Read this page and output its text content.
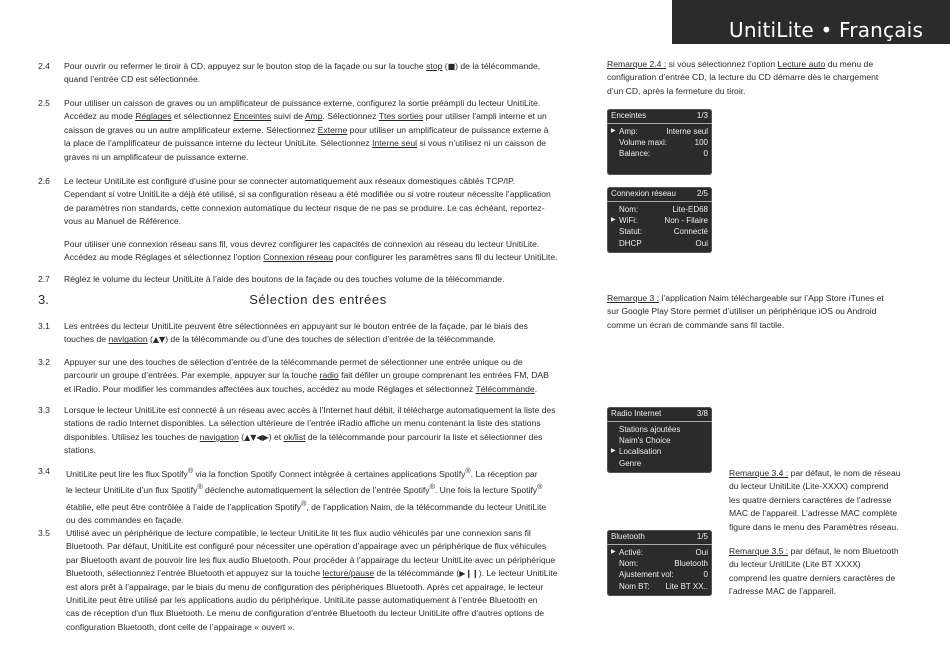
UnitiLite • Français
2.4	Pour ouvrir ou refermer le tiroir à CD, appuyez sur le bouton stop de la façade ou sur la touche stop (■) de la télécommande,

quand l’entrée CD est sélectionnée.

2.5	Pour utiliser un caisson de graves ou un amplificateur de puissance externe, configurez la sortie préampli du lecteur UnitiLite.

Accédez au mode Réglages et sélectionnez Enceintes suivi de Amp. Sélectionnez Ttes sorties pour utiliser l’ampli interne et un

caisson de graves ou un autre amplificateur externe. Sélectionnez Externe pour utiliser un amplificateur de puissance externe à

la place de l’amplificateur de puissance interne du lecteur UnitiLite. Sélectionnez Interne seul si vous n’utilisez ni un caisson de

graves ni un amplificateur de puissance externe.

2.6	Le lecteur UnitiLite est configuré d’usine pour se connecter automatiquement aux réseaux domestiques câblés TCP/IP.

Cependant si votre UnitiLite a déjà été utilisé, si sa configuration réseau a été modifiée ou si votre routeur nécessite l’application

de paramètres non standards, cette connexion automatique du lecteur risque de ne pas se produire. Le cas échéant, reportez-

vous au Manuel de Référence.

Pour utiliser une connexion réseau sans fil, vous devrez configurer les capacités de connexion au réseau du lecteur UnitiLite.

Accédez au mode Réglages et sélectionnez l’option Connexion réseau pour configurer les paramètres sans fil du lecteur UnitiLite.

2.7	Réglez le volume du lecteur UnitiLite à l’aide des boutons de la façade ou des touches volume de la télécommande.

3.	Sélection des entrées
3.1	Les entrées du lecteur UnitiLite peuvent être sélectionnées en appuyant sur le bouton entrée de la façade, par le biais des

touches de navigation (▲▼) de la télécommande ou d’une des touches de sélection d’entrée de la télécommande.

3.2	Appuyer sur une des touches de sélection d’entrée de la télécommande permet de sélectionner une entrée unique ou de

parcourir un groupe d’entrées. Par exemple, appuyer sur la touche radio fait défiler un groupe comprenant les entrées FM, DAB

et iRadio. Pour modifier les commandes affectées aux touches, accédez au mode Réglages et sélectionnez Télécommande.

3.3	Lorsque le lecteur UnitiLite est connecté à un réseau avec accès à l’Internet haut débit, il télécharge automatiquement la liste des

stations de radio Internet disponibles. La sélection ultérieure de l’entrée iRadio affiche un menu contenant la liste des stations

disponibles. Utilisez les touches de navigation (▲▼◀▶) et ok/list de la télécommande pour parcourir la liste et sélectionner des

stations.

3.4	UnitiLite peut lire les flux Spotify® via la fonction Spotify Connect intégrée à certaines applications Spotify®. La réception par

le lecteur UnitiLite d’un flux Spotify® déclenche automatiquement la sélection de l’entrée Spotify®. Une fois la lecture Spotify®

établie, elle peut être contrôlée à l’aide de l’application Spotify®, de l’application Naim, de la télécommande du lecteur UnitiLite

ou des commandes en façade.

3.5	Utilisé avec un périphérique de lecture compatible, le lecteur UnitiLite lit les flux audio véhiculés par une connexion sans fil

Bluetooth. Par défaut, UnitiLite est configuré pour nécessiter une opération d’appairage avec un périphérique de flux véhicules

par Bluetooth avant de pouvoir lire les flux audio Bluetooth. Pour procéder à l’appairage du lecteur UnitiLite avec un périphérique

Bluetooth, sélectionnez l’entrée Bluetooth et appuyez sur la touche lecture/pause de la télécommande (▶❙❙). Le lecteur UnitiLite

est alors prêt à l’appairage, par le biais du menu de configuration des périphériques Bluetooth. Après cet appairage, le lecteur

UnitiLite peut être utilisé par les applications audio du périphérique. UnitiLite passe automatiquement à l’entrée Bluetooth en

cas de réception d’un flux Bluetooth. Le menu de configuration d’entrée Bluetooth du lecteur UnitiLite offre d’autres options de

configuration Bluetooth, dont celle de l’appairage « ouvert ».

Remarque 2.4 : si vous sélectionnez l’option Lecture auto du menu de
configuration d’entrée CD, la lecture du CD démarre dès le chargement
d’un CD, après la fermeture du tiroir.
Enceintes	1/3
▶ Amp:	Interne seul
Volume maxi:	100
Balance:	0
Connexion réseau	2/5
Nom:	Lite-ED68
▶ WiFi:	Non - Filaire
Statut:	Connecté
DHCP	Oui
Remarque 3 : l’application Naim téléchargeable sur l’App Store iTunes et
sur Google Play Store permet d’utiliser un périphérique iOS ou Android
comme un écran de commande sans fil tactile.
Radio Internet	3/8
Stations ajoutées
Naim’s Choice
▶ Localisation
Genre
Remarque 3.4 : par défaut, le nom de réseau
du lecteur UnitiLite (Lite-XXXX) comprend
les quatre derniers caractères de l’adresse
MAC de l’appareil. L’adresse MAC complète
figure dans le menu des Paramètres réseau.
Bluetooth	1/5
▶ Activé:	Oui
Nom:	Bluetooth
Ajustement vol:	0
Nom BT: Lite BT XX..
Remarque 3.5 : par défaut, le nom Bluetooth
du lecteur UnitiLite (Lite BT XXXX)
comprend les quatre derniers caractères de
l’adresse MAC de l’appareil.
